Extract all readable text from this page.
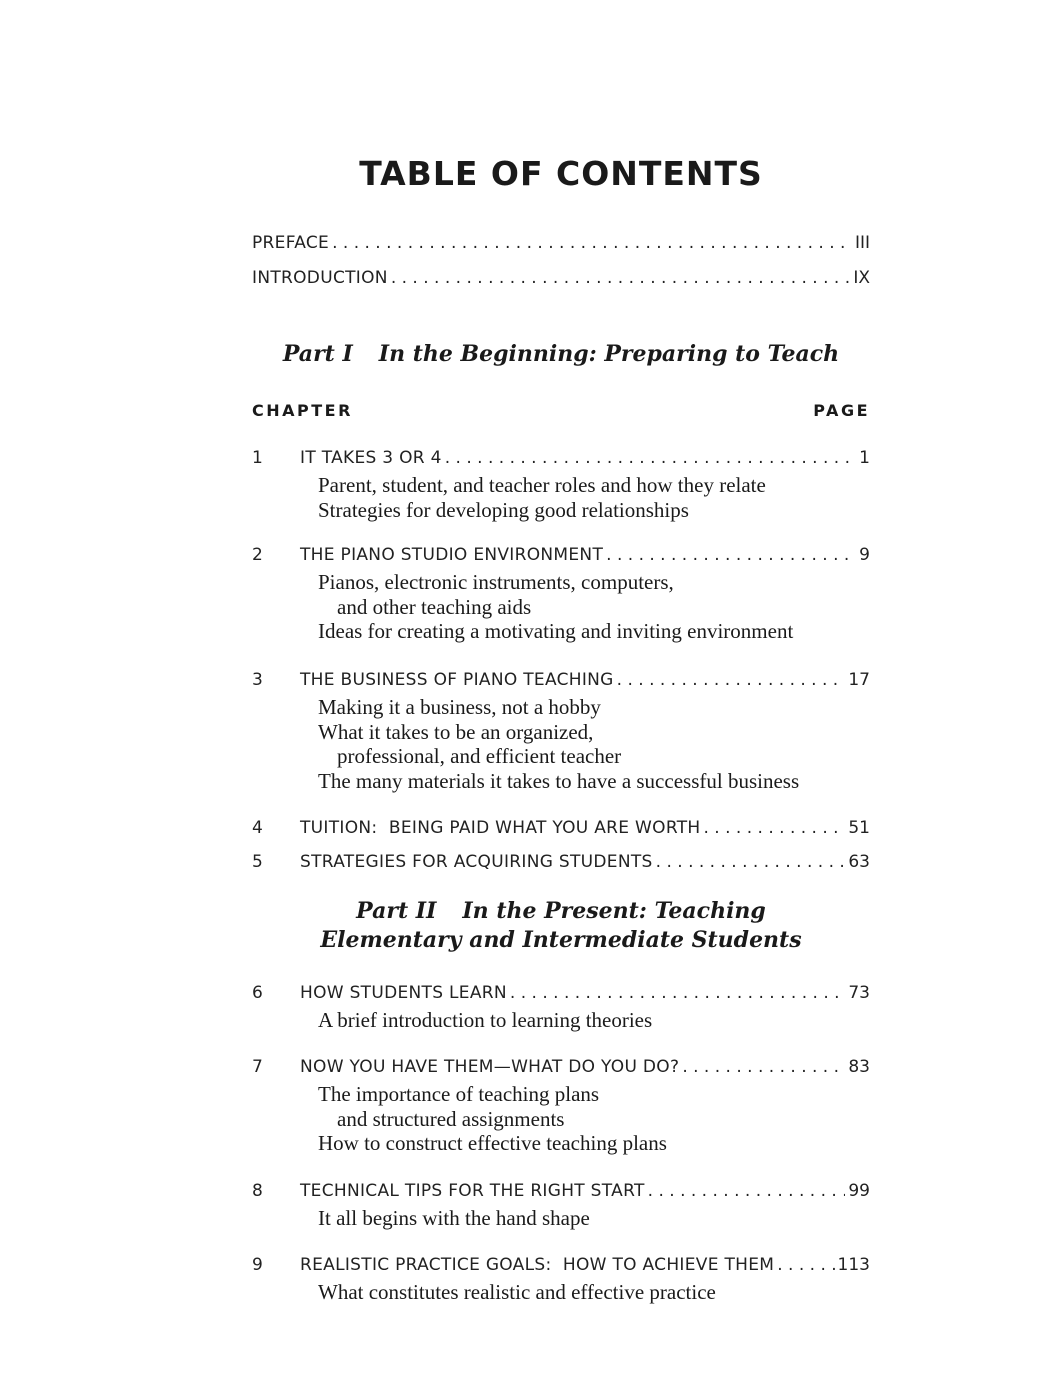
TABLE OF CONTENTS
PREFACE . . .	III
INTRODUCTION . . .	IX
Part I In the Beginning: Preparing to Teach
CHAPTER	PAGE
1 IT TAKES 3 OR 4 . . .	1
Parent, student, and teacher roles and how they relate
Strategies for developing good relationships
2 THE PIANO STUDIO ENVIRONMENT . . .	9
Pianos, electronic instruments, computers,
and other teaching aids
Ideas for creating a motivating and inviting environment
3 THE BUSINESS OF PIANO TEACHING . . .	17
Making it a business, not a hobby
What it takes to be an organized,
professional, and efficient teacher
The many materials it takes to have a successful business
4 TUITION:  BEING PAID WHAT YOU ARE WORTH . . .	51
5 STRATEGIES FOR ACQUIRING STUDENTS . . .	63
Part II In the Present: Teaching
Elementary and Intermediate Students
6 HOW STUDENTS LEARN . . .	73
A brief introduction to learning theories
7 NOW YOU HAVE THEM—WHAT DO YOU DO? . . .	83
The importance of teaching plans
and structured assignments
How to construct effective teaching plans
8 TECHNICAL TIPS FOR THE RIGHT START . . .	99
It all begins with the hand shape
9 REALISTIC PRACTICE GOALS:  HOW TO ACHIEVE THEM . . .	113
What constitutes realistic and effective practice
